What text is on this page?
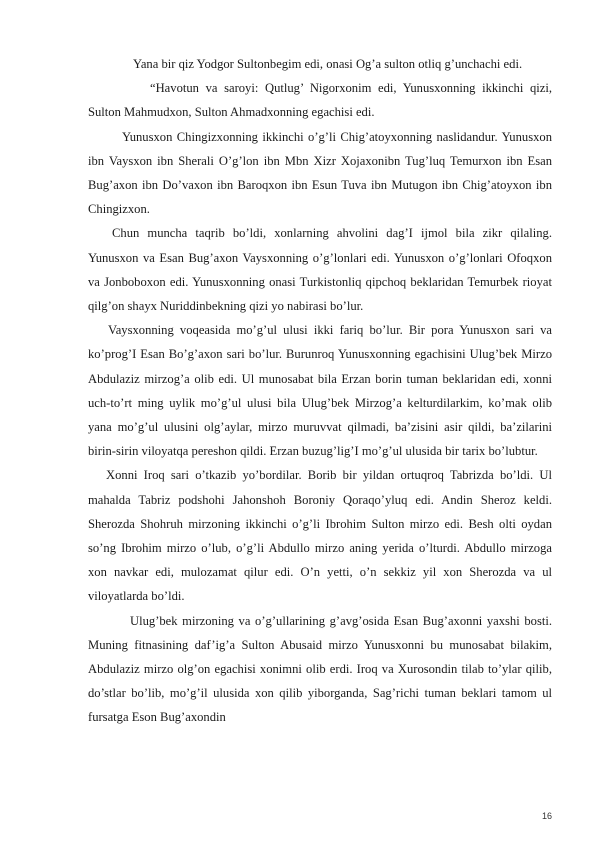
Yana bir qiz Yodgor Sultonbegim edi, onasi Og’a sulton otliq g’unchachi edi.

“Havotun va saroyi: Qutlug’ Nigorxonim edi, Yunusxonning ikkinchi qizi, Sulton Mahmudxon, Sulton Ahmadxonning egachisi edi.

Yunusxon Chingizxonning ikkinchi o’g’li Chig’atoyxonning naslidandur. Yunusxon ibn Vaysxon ibn Sherali O’g’lon ibn Mbn Xizr Xojaxonibn Tug’luq Temurxon ibn Esan Bug’axon ibn Do’vaxon ibn Baroqxon ibn Esun Tuva ibn Mutugon ibn Chig’atoyxon ibn Chingizxon.

Chun muncha taqrib bo’ldi, xonlarning ahvolini dag’I ijmol bila zikr qilaling. Yunusxon va Esan Bug’axon Vaysxonning o’g’lonlari edi. Yunusxon o’g’lonlari Ofoqxon va Jonboboxon edi. Yunusxonning onasi Turkistonliq qipchoq beklaridan Temurbek rioyat qilg’on shayx Nuriddinbekning qizi yo nabirasi bo’lur.

Vaysxonning voqeasida mo’g’ul ulusi ikki fariq bo’lur. Bir pora Yunusxon sari va ko’prog’I Esan Bo’g’axon sari bo’lur. Burunroq Yunusxonning egachisini Ulug’bek Mirzo Abdulaziz mirzog’a olib edi. Ul munosabat bila Erzan borin tuman beklaridan edi, xonni uch-to’rt ming uylik mo’g’ul ulusi bila Ulug’bek Mirzog’a kelturdilarkim, ko’mak olib yana mo’g’ul ulusini olg’aylar, mirzo muruvvat qilmadi, ba’zisini asir qildi, ba’zilarini birin-sirin viloyatqa pereshon qildi. Erzan buzug’lig’I mo’g’ul ulusida bir tarix bo’lubtur.

Xonni Iroq sari o’tkazib yo’bordilar. Borib bir yildan ortuqroq Tabrizda bo’ldi. Ul mahalda Tabriz podshohi Jahonshoh Boroniy Qoraqo’yluq edi. Andin Sheroz keldi. Sherozda Shohruh mirzoning ikkinchi o’g’li Ibrohim Sulton mirzo edi. Besh olti oydan so’ng Ibrohim mirzo o’lub, o’g’li Abdullo mirzo aning yerida o’lturdi. Abdullo mirzoga xon navkar edi, mulozamat qilur edi. O’n yetti, o’n sekkiz yil xon Sherozda va ul viloyatlarda bo’ldi.

Ulug’bek mirzoning va o’g’ullarining g’avg’osida Esan Bug’axonni yaxshi bosti. Muning fitnasining daf’ig’a Sulton Abusaid mirzo Yunusxonni bu munosabat bilakim, Abdulaziz mirzo olg’on egachisi xonimni olib erdi. Iroq va Xurosondin tilab to’ylar qilib, do’stlar bo’lib, mo’g’il ulusida xon qilib yiborganda, Sag’richi tuman beklari tamom ul fursatga Eson Bug’axondin

16
